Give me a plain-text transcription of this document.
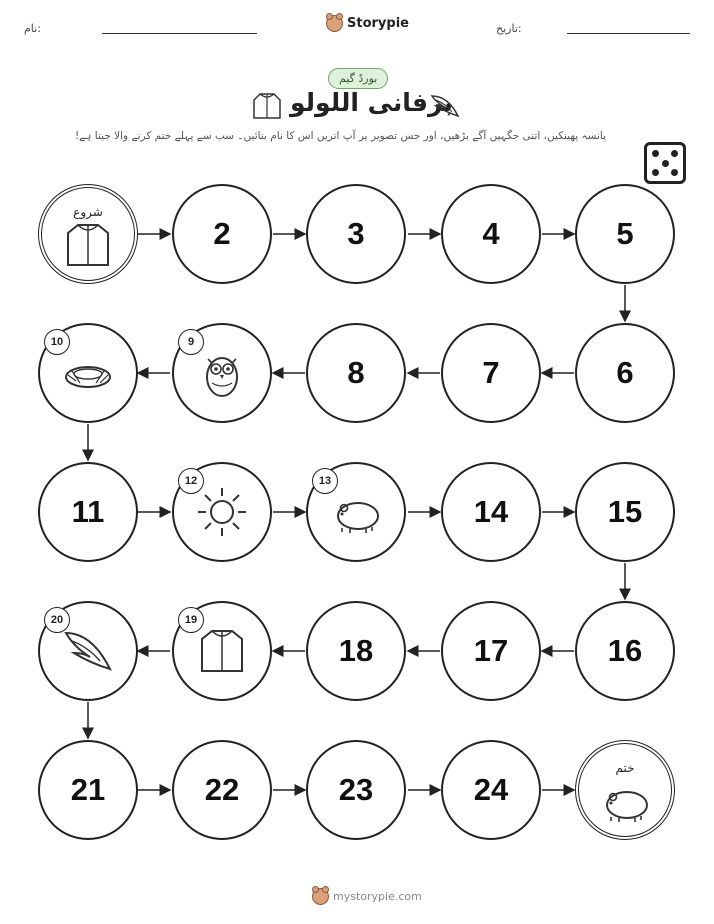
نام:	Storypie	تاریخ:
بورڈ گیم
برفانی اللولو
پانسہ پھینکیں، اتنی جگہیں آگے بڑھیں، اور جس تصویر پر آپ اتریں اس کا نام بتائیں۔ سب سے پہلے ختم کرنے والا جیتا ہے!
شروع
2	3	4	5
6
7
8
9
10
11
12	13
14	15
16
17
18
19
20
21	22	23	24
ختم
mystorypie.com
